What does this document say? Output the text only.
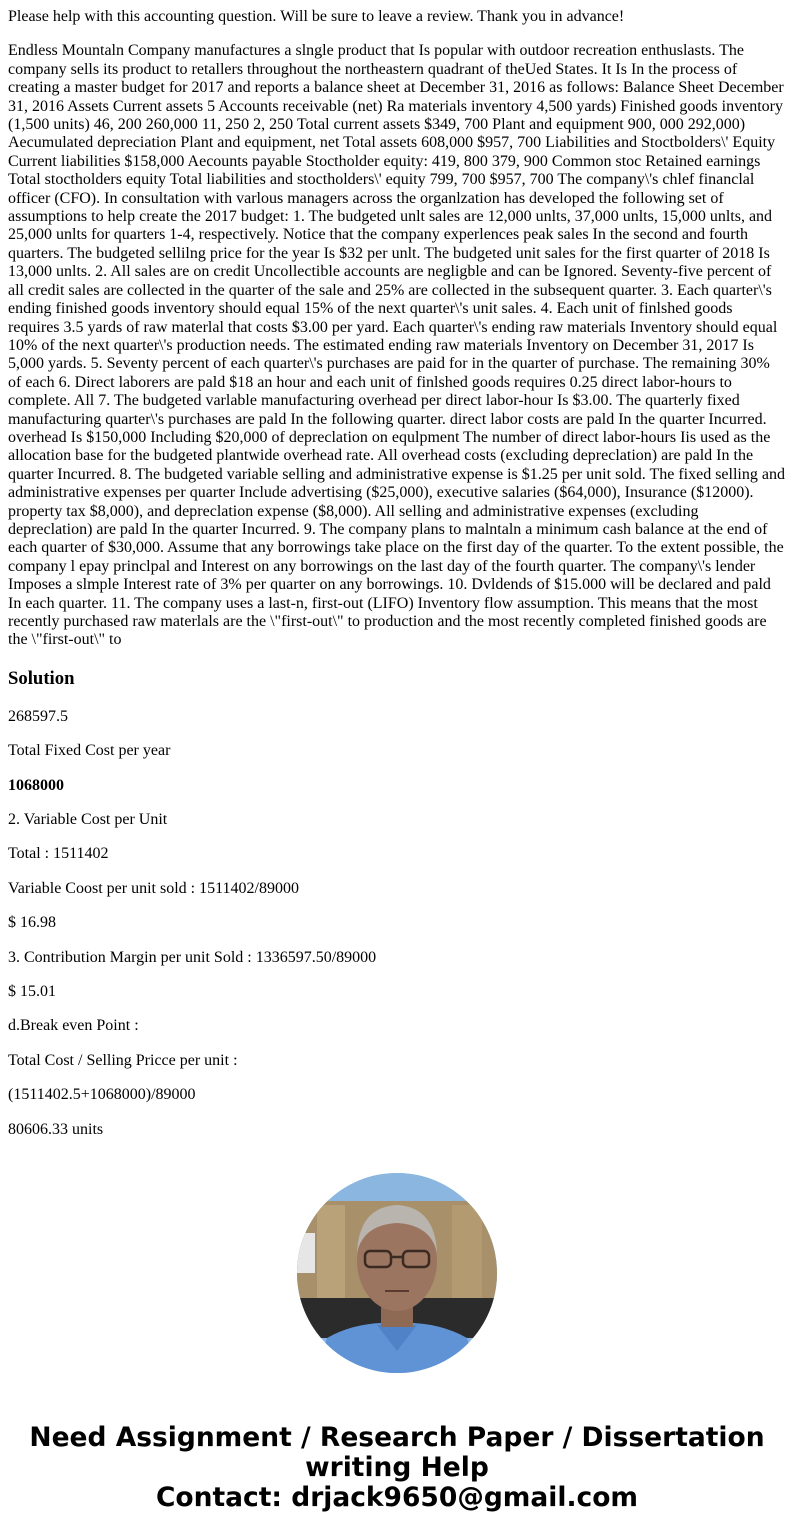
Please help with this accounting question. Will be sure to leave a review. Thank you in advance!

Endless Mountaln Company manufactures a slngle product that Is popular with outdoor recreation enthuslasts. The company sells its product to retallers throughout the northeastern quadrant of theUed States. It Is In the process of creating a master budget for 2017 and reports a balance sheet at December 31, 2016 as follows: Balance Sheet December 31, 2016 Assets Current assets 5 Accounts receivable (net) Ra materials inventory 4,500 yards) Finished goods inventory (1,500 units) 46, 200 260,000 11, 250 2, 250 Total current assets $349, 700 Plant and equipment 900, 000 292,000) Aecumulated depreciation Plant and equipment, net Total assets 608,000 $957, 700 Liabilities and Stoctbolders\' Equity Current liabilities $158,000 Aecounts payable Stoctholder equity: 419, 800 379, 900 Common stoc Retained earnings Total stoctholders equity Total liabilities and stoctholders\' equity 799, 700 $957, 700 The company\'s chlef financlal officer (CFO). In consultation with varlous managers across the organlzation has developed the following set of assumptions to help create the 2017 budget: 1. The budgeted unlt sales are 12,000 unlts, 37,000 unlts, 15,000 unlts, and 25,000 unlts for quarters 1-4, respectively. Notice that the company experlences peak sales In the second and fourth quarters. The budgeted sellilng price for the year Is $32 per unlt. The budgeted unit sales for the first quarter of 2018 Is 13,000 unlts. 2. All sales are on credit Uncollectible accounts are negligble and can be Ignored. Seventy-five percent of all credit sales are collected in the quarter of the sale and 25% are collected in the subsequent quarter. 3. Each quarter\'s ending finished goods inventory should equal 15% of the next quarter\'s unit sales. 4. Each unit of finlshed goods requires 3.5 yards of raw materlal that costs $3.00 per yard. Each quarter\'s ending raw materials Inventory should equal 10% of the next quarter\'s production needs. The estimated ending raw materials Inventory on December 31, 2017 Is 5,000 yards. 5. Seventy percent of each quarter\'s purchases are paid for in the quarter of purchase. The remaining 30% of each 6. Direct laborers are pald $18 an hour and each unit of finlshed goods requires 0.25 direct labor-hours to complete. All 7. The budgeted varlable manufacturing overhead per direct labor-hour Is $3.00. The quarterly fixed manufacturing quarter\'s purchases are pald In the following quarter. direct labor costs are pald In the quarter Incurred. overhead Is $150,000 Including $20,000 of depreclation on equlpment The number of direct labor-hours Iis used as the allocation base for the budgeted plantwide overhead rate. All overhead costs (excluding depreclation) are pald In the quarter Incurred. 8. The budgeted variable selling and administrative expense is $1.25 per unit sold. The fixed selling and administrative expenses per quarter Include advertising ($25,000), executive salaries ($64,000), Insurance ($12000). property tax $8,000), and depreclation expense ($8,000). All selling and administrative expenses (excluding depreclation) are pald In the quarter Incurred. 9. The company plans to malntaln a minimum cash balance at the end of each quarter of $30,000. Assume that any borrowings take place on the first day of the quarter. To the extent possible, the company l epay princlpal and Interest on any borrowings on the last day of the fourth quarter. The company\'s lender Imposes a slmple Interest rate of 3% per quarter on any borrowings. 10. Dvldends of $15.000 will be declared and pald In each quarter. 11. The company uses a last-n, first-out (LIFO) Inventory flow assumption. This means that the most recently purchased raw materlals are the \"first-out\" to production and the most recently completed finished goods are the \"first-out\" to

Solution

268597.5

Total Fixed Cost per year

1068000

2. Variable Cost per Unit

Total : 1511402

Variable Coost per unit sold : 1511402/89000

$ 16.98

3. Contribution Margin per unit Sold : 1336597.50/89000

$ 15.01

d.Break even Point :

Total Cost / Selling Pricce per unit :

(1511402.5+1068000)/89000

80606.33 units

Need Assignment / Research Paper / Dissertation
writing Help
Contact: drjack9650@gmail.com
